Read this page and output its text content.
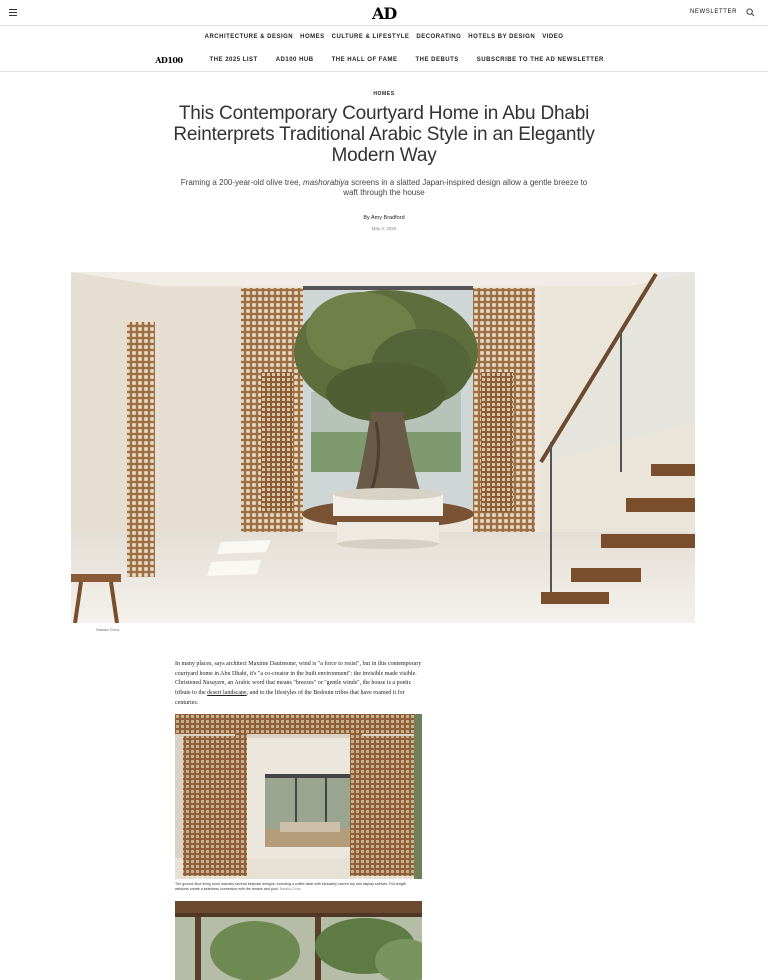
AD	NEWSLETTER
ARCHITECTURE & DESIGN HOMES CULTURE & LIFESTYLE DECORATING HOTELS BY DESIGN VIDEO
AD100	THE 2025 LIST	AD100 HUB	THE HALL OF FAME	THE DEBUTS	SUBSCRIBE TO THE AD NEWSLETTER
HOMES
This Contemporary Courtyard Home in Abu Dhabi Reinterprets Traditional Arabic Style in an Elegantly Modern Way

Framing a 200-year-old olive tree, mashorabiya screens in a slatted Japan-inspired design allow a gentle breeze to waft through the house

By Amy Bradford
May 4, 2025
Natalia Cicks

In many places, says architect Maxime Dautresme, wind is "a force to resist", but in this contemporary courtyard home in Abu Dhabi, it's "a co-creator in the built environment": the invisible made visible. Christened Nasayem, an Arabic word that means "breezes" or "gentle winds", the house is a poetic tribute to the desert landscape, and to the lifestyles of the Bedouin tribes that have roamed it for centuries.

The ground-floor living room includes several bespoke designs, including a coffee table with intricately carved top and display shelves. Full-length windows create a seamless connection with the terrace and pool. Natalia Cicks
